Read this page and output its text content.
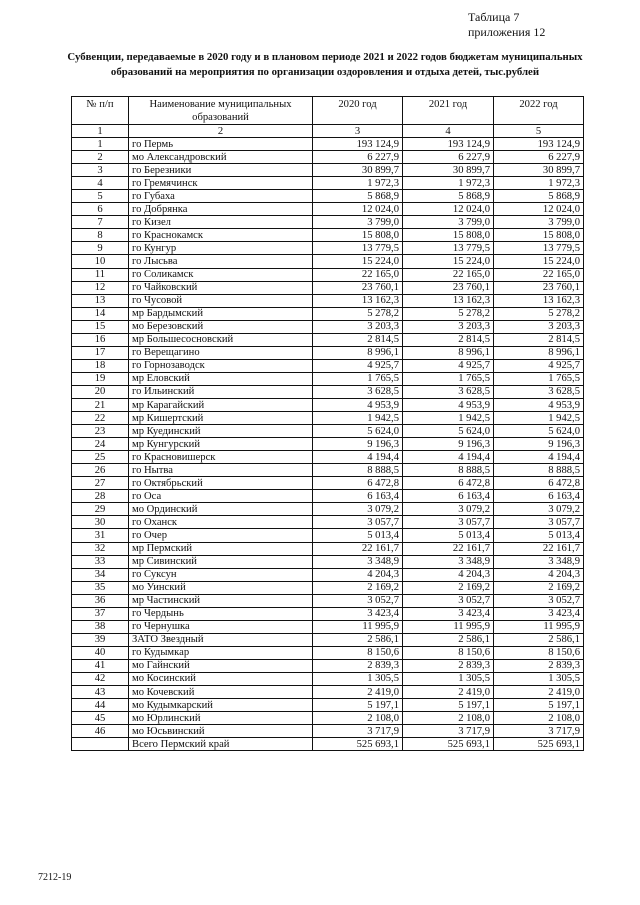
Таблица 7
приложения 12
Субвенции, передаваемые в 2020 году и в плановом периоде 2021 и 2022 годов бюджетам муниципальных образований на мероприятия по организации оздоровления и отдыха детей, тыс.рублей
№ п/п	Наименование муниципальных образований	2020 год	2021 год	2022 год
1	2	3	4	5
1	го Пермь	193 124,9	193 124,9	193 124,9
2	мо Александровский	6 227,9	6 227,9	6 227,9
3	го Березники	30 899,7	30 899,7	30 899,7
4	го Гремячинск	1 972,3	1 972,3	1 972,3
5	го Губаха	5 868,9	5 868,9	5 868,9
6	го Добрянка	12 024,0	12 024,0	12 024,0
7	го Кизел	3 799,0	3 799,0	3 799,0
8	го Краснокамск	15 808,0	15 808,0	15 808,0
9	го Кунгур	13 779,5	13 779,5	13 779,5
10	го Лысьва	15 224,0	15 224,0	15 224,0
11	го Соликамск	22 165,0	22 165,0	22 165,0
12	го Чайковский	23 760,1	23 760,1	23 760,1
13	го Чусовой	13 162,3	13 162,3	13 162,3
14	мр Бардымский	5 278,2	5 278,2	5 278,2
15	мо Березовский	3 203,3	3 203,3	3 203,3
16	мр Большесосновский	2 814,5	2 814,5	2 814,5
17	го Верещагино	8 996,1	8 996,1	8 996,1
18	го Горнозаводск	4 925,7	4 925,7	4 925,7
19	мр Еловский	1 765,5	1 765,5	1 765,5
20	го Ильинский	3 628,5	3 628,5	3 628,5
21	мр Карагайский	4 953,9	4 953,9	4 953,9
22	мр Кишертский	1 942,5	1 942,5	1 942,5
23	мр Куединский	5 624,0	5 624,0	5 624,0
24	мр Кунгурский	9 196,3	9 196,3	9 196,3
25	го Красновишерск	4 194,4	4 194,4	4 194,4
26	го Нытва	8 888,5	8 888,5	8 888,5
27	го Октябрьский	6 472,8	6 472,8	6 472,8
28	го Оса	6 163,4	6 163,4	6 163,4
29	мо Ординский	3 079,2	3 079,2	3 079,2
30	го Оханск	3 057,7	3 057,7	3 057,7
31	го Очер	5 013,4	5 013,4	5 013,4
32	мр Пермский	22 161,7	22 161,7	22 161,7
33	мр Сивинский	3 348,9	3 348,9	3 348,9
34	го Суксун	4 204,3	4 204,3	4 204,3
35	мо Уинский	2 169,2	2 169,2	2 169,2
36	мр Частинский	3 052,7	3 052,7	3 052,7
37	го Чердынь	3 423,4	3 423,4	3 423,4
38	го Чернушка	11 995,9	11 995,9	11 995,9
39	ЗАТО Звездный	2 586,1	2 586,1	2 586,1
40	го Кудымкар	8 150,6	8 150,6	8 150,6
41	мо Гайнский	2 839,3	2 839,3	2 839,3
42	мо Косинский	1 305,5	1 305,5	1 305,5
43	мо Кочевский	2 419,0	2 419,0	2 419,0
44	мо Кудымкарский	5 197,1	5 197,1	5 197,1
45	мо Юрлинский	2 108,0	2 108,0	2 108,0
46	мо Юсьвинский	3 717,9	3 717,9	3 717,9
	Всего Пермский край	525 693,1	525 693,1	525 693,1
7212-19
